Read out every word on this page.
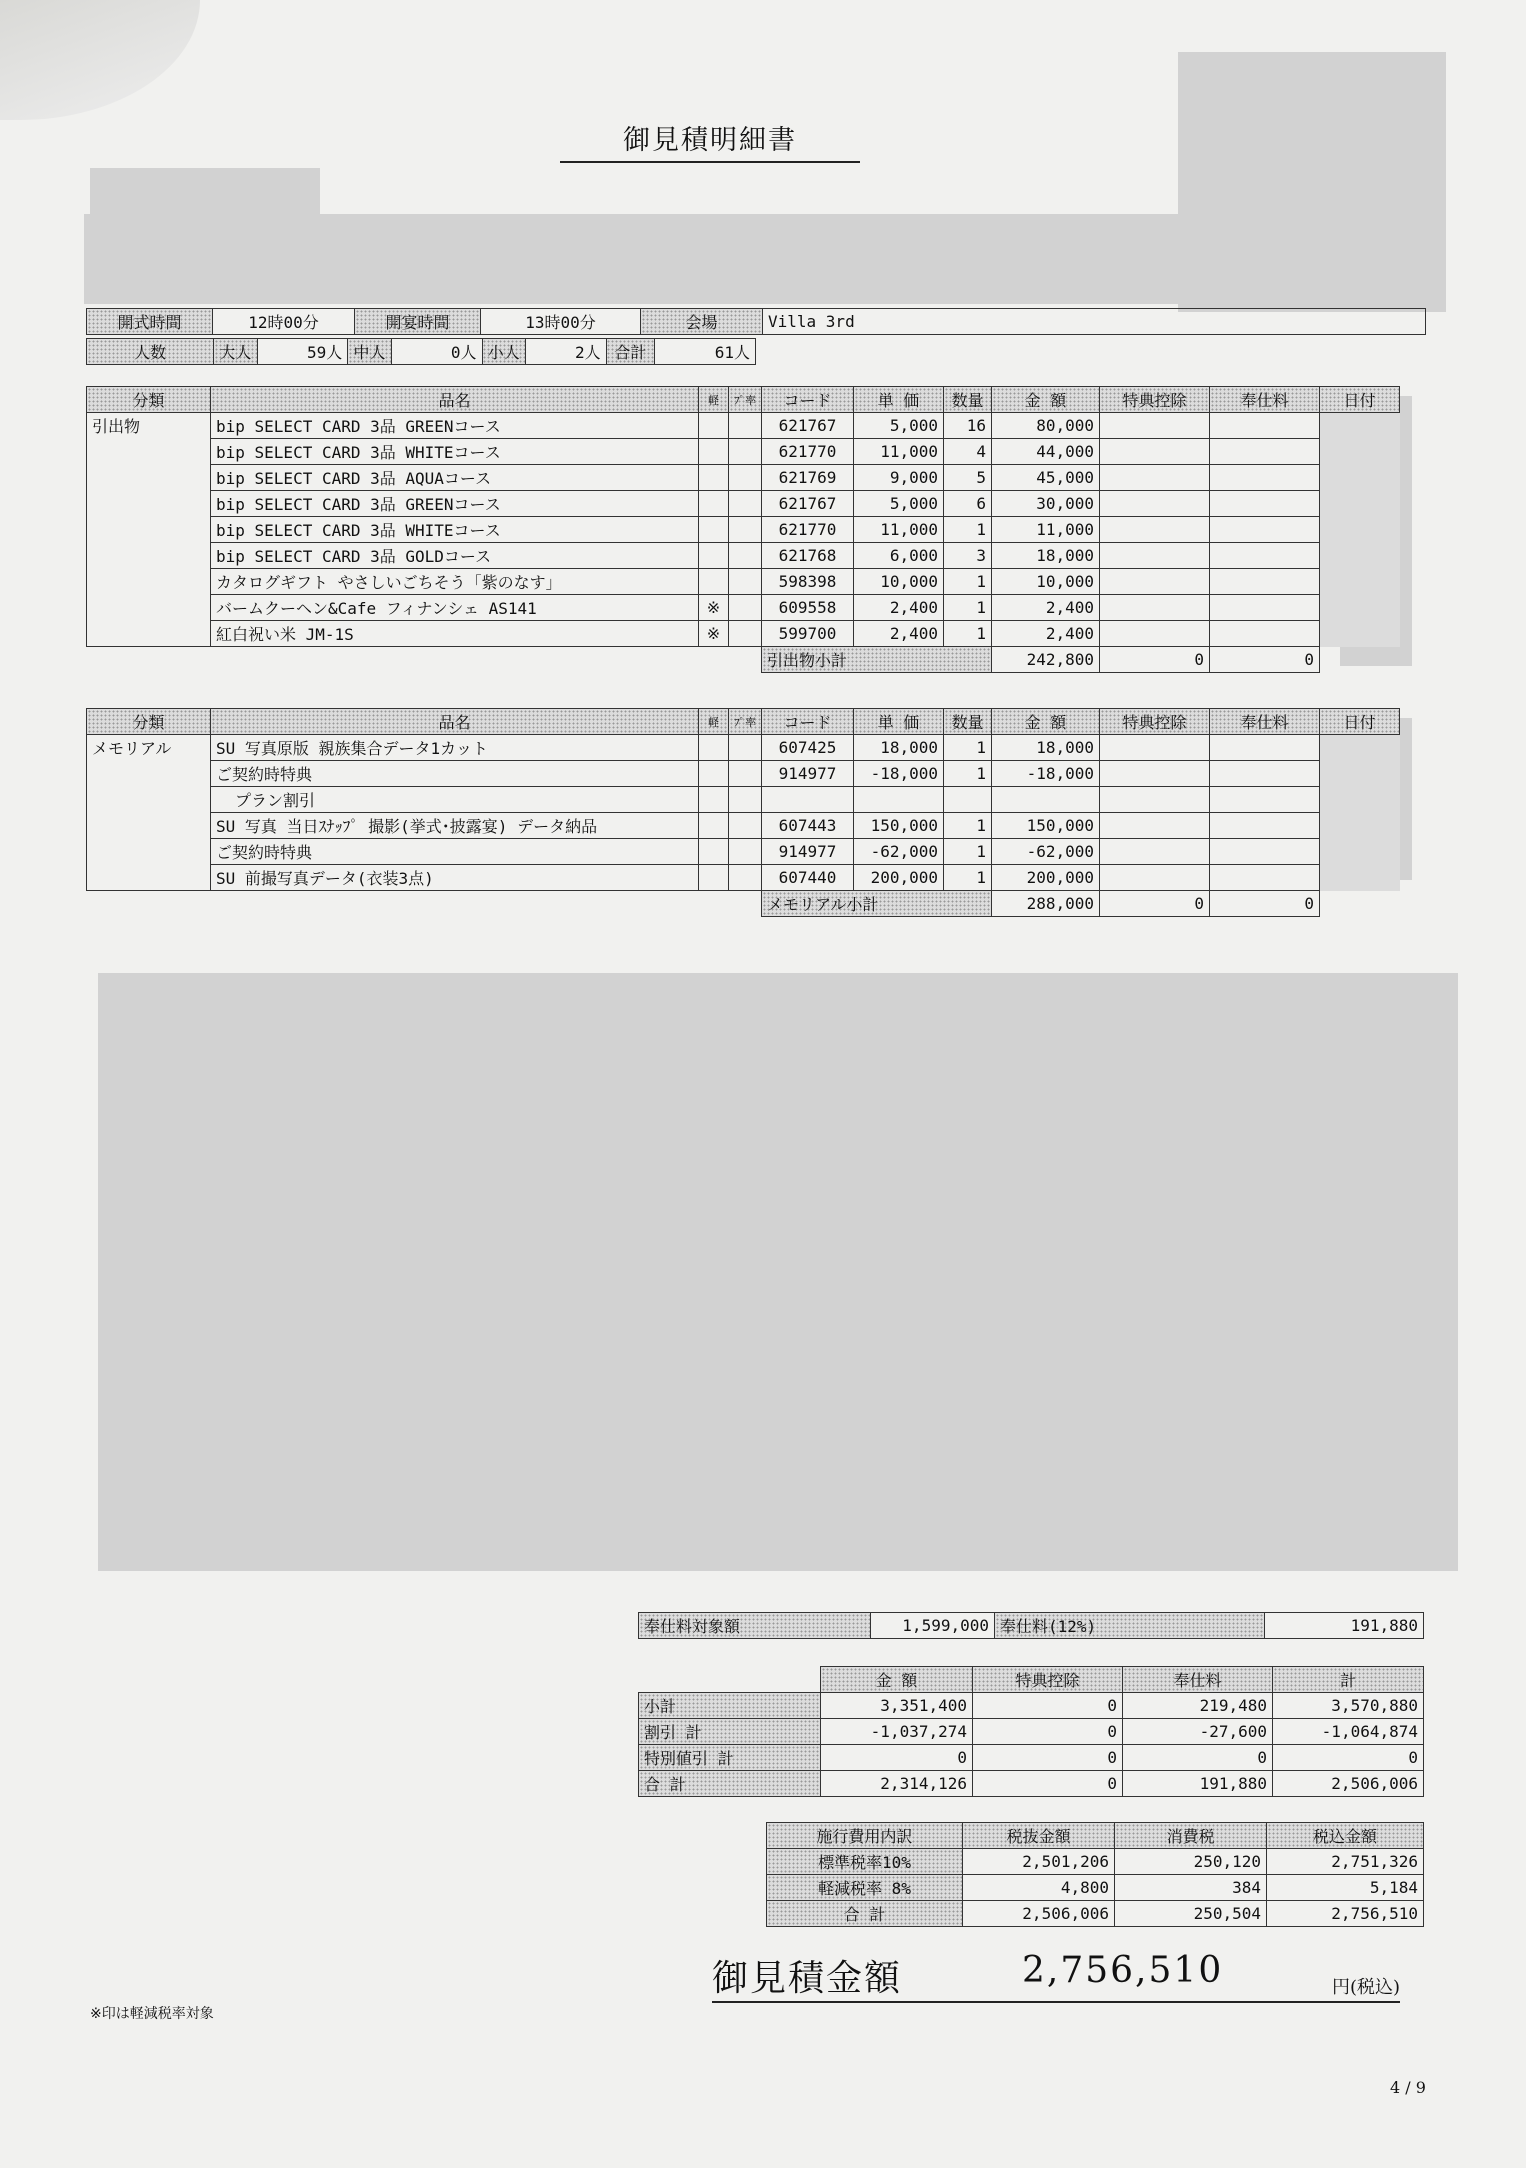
御見積明細書
開式時間	12時00分	開宴時間	13時00分	会場	Villa 3rd
人数	大人	59人	中人	0人	小人	2人	合計	61人
分類	品名	軽	ﾌﾟ率	コード	単 価	数量	金 額	特典控除	奉仕料	日付
引出物	bip SELECT CARD 3品 GREENコース			621767	5,000	16	80,000			
	bip SELECT CARD 3品 WHITEコース			621770	11,000	4	44,000			
	bip SELECT CARD 3品 AQUAコース			621769	9,000	5	45,000			
	bip SELECT CARD 3品 GREENコース			621767	5,000	6	30,000			
	bip SELECT CARD 3品 WHITEコース			621770	11,000	1	11,000			
	bip SELECT CARD 3品 GOLDコース			621768	6,000	3	18,000			
	カタログギフト やさしいごちそう「紫のなす」			598398	10,000	1	10,000			
	バームクーヘン&Cafe フィナンシェ AS141	※		609558	2,400	1	2,400			
	紅白祝い米 JM-1S	※		599700	2,400	1	2,400			
				引出物小計			242,800	0	0	
分類	品名	軽	ﾌﾟ率	コード	単 価	数量	金 額	特典控除	奉仕料	日付
メモリアル	SU 写真原版 親族集合データ1カット			607425	18,000	1	18,000			
	ご契約時特典			914977	-18,000	1	-18,000			
	プラン割引									
	SU 写真 当日ｽﾅｯﾌﾟ 撮影(挙式･披露宴) データ納品			607443	150,000	1	150,000			
	ご契約時特典			914977	-62,000	1	-62,000			
	SU 前撮写真データ(衣装3点)			607440	200,000	1	200,000			
				メモリアル小計			288,000	0	0	
奉仕料対象額	1,599,000	奉仕料(12%)	191,880
	金 額	特典控除	奉仕料	計
小計	3,351,400	0	219,480	3,570,880
割引 計	-1,037,274	0	-27,600	-1,064,874
特別値引 計	0	0	0	0
合 計	2,314,126	0	191,880	2,506,006
施行費用内訳	税抜金額	消費税	税込金額
標準税率10%	2,501,206	250,120	2,751,326
軽減税率 8%	4,800	384	5,184
合 計	2,506,006	250,504	2,756,510
御見積金額	2,756,510	円(税込)
※印は軽減税率対象
4 / 9
